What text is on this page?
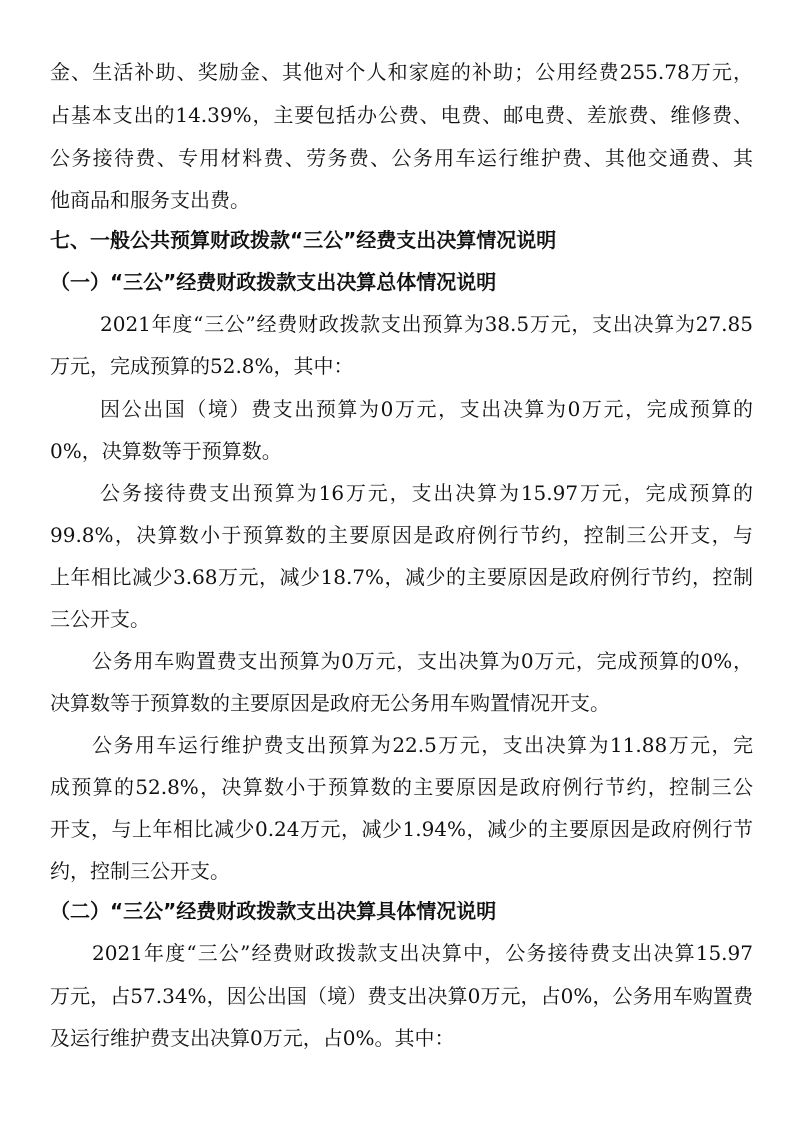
金、生活补助、奖励金、其他对个人和家庭的补助；公用经费255.78万元，
占基本支出的14.39%，主要包括办公费、电费、邮电费、差旅费、维修费、
公务接待费、专用材料费、劳务费、公务用车运行维护费、其他交通费、其
他商品和服务支出费。
七、一般公共预算财政拨款“三公”经费支出决算情况说明
（一）“三公”经费财政拨款支出决算总体情况说明
2021年度“三公”经费财政拨款支出预算为38.5万元，支出决算为27.85
万元，完成预算的52.8%，其中：
因公出国（境）费支出预算为0万元，支出决算为0万元，完成预算的
0%，决算数等于预算数。
公务接待费支出预算为16万元，支出决算为15.97万元，完成预算的
99.8%，决算数小于预算数的主要原因是政府例行节约，控制三公开支，与
上年相比减少3.68万元，减少18.7%，减少的主要原因是政府例行节约，控制
三公开支。
公务用车购置费支出预算为0万元，支出决算为0万元，完成预算的0%，
决算数等于预算数的主要原因是政府无公务用车购置情况开支。
公务用车运行维护费支出预算为22.5万元，支出决算为11.88万元，完
成预算的52.8%，决算数小于预算数的主要原因是政府例行节约，控制三公
开支，与上年相比减少0.24万元，减少1.94%，减少的主要原因是政府例行节
约，控制三公开支。
（二）“三公”经费财政拨款支出决算具体情况说明
2021年度“三公”经费财政拨款支出决算中，公务接待费支出决算15.97
万元，占57.34%，因公出国（境）费支出决算0万元，占0%，公务用车购置费
及运行维护费支出决算0万元，占0%。其中：
